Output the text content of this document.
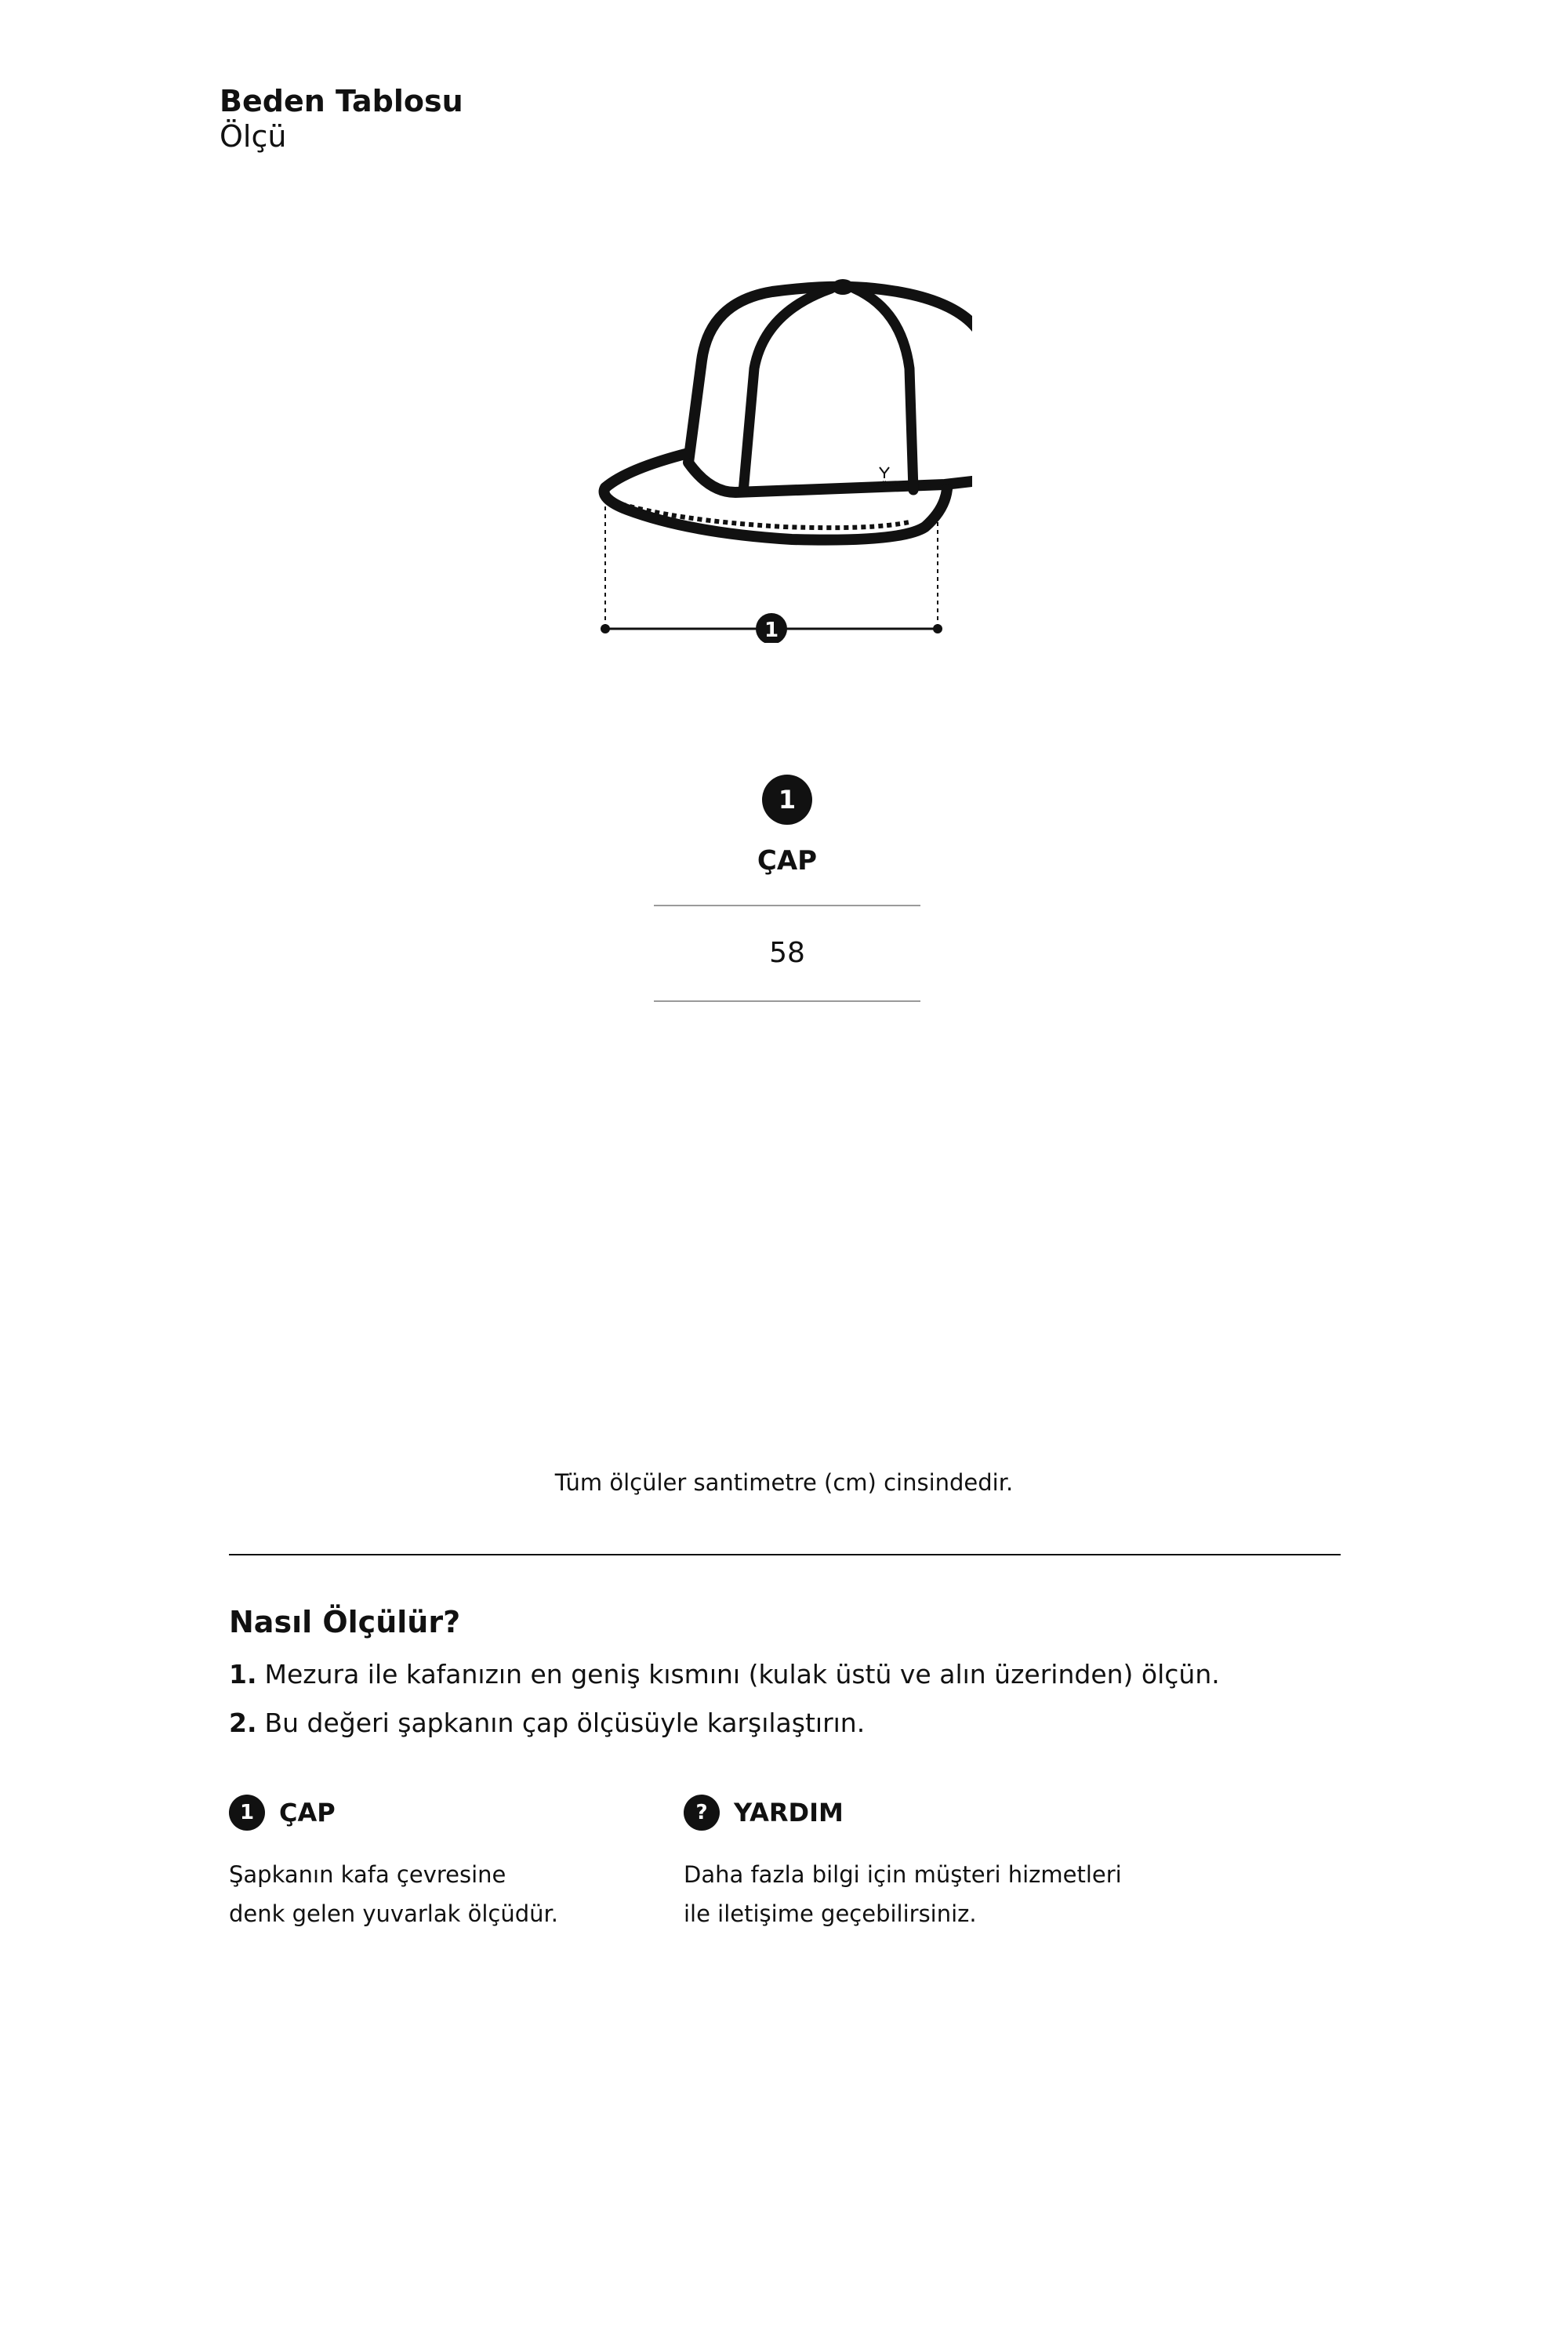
Beden Tablosu
Ölçü
nordbron
1
1
ÇAP
58
Tüm ölçüler santimetre (cm) cinsindedir.
Nasıl Ölçülür?
1. Mezura ile kafanızın en geniş kısmını (kulak üstü ve alın üzerinden) ölçün.
2. Bu değeri şapkanın çap ölçüsüyle karşılaştırın.
1 ÇAP
Şapkanın kafa çevresine
denk gelen yuvarlak ölçüdür.
?	YARDIM
Daha fazla bilgi için müşteri hizmetleri
ile iletişime geçebilirsiniz.
